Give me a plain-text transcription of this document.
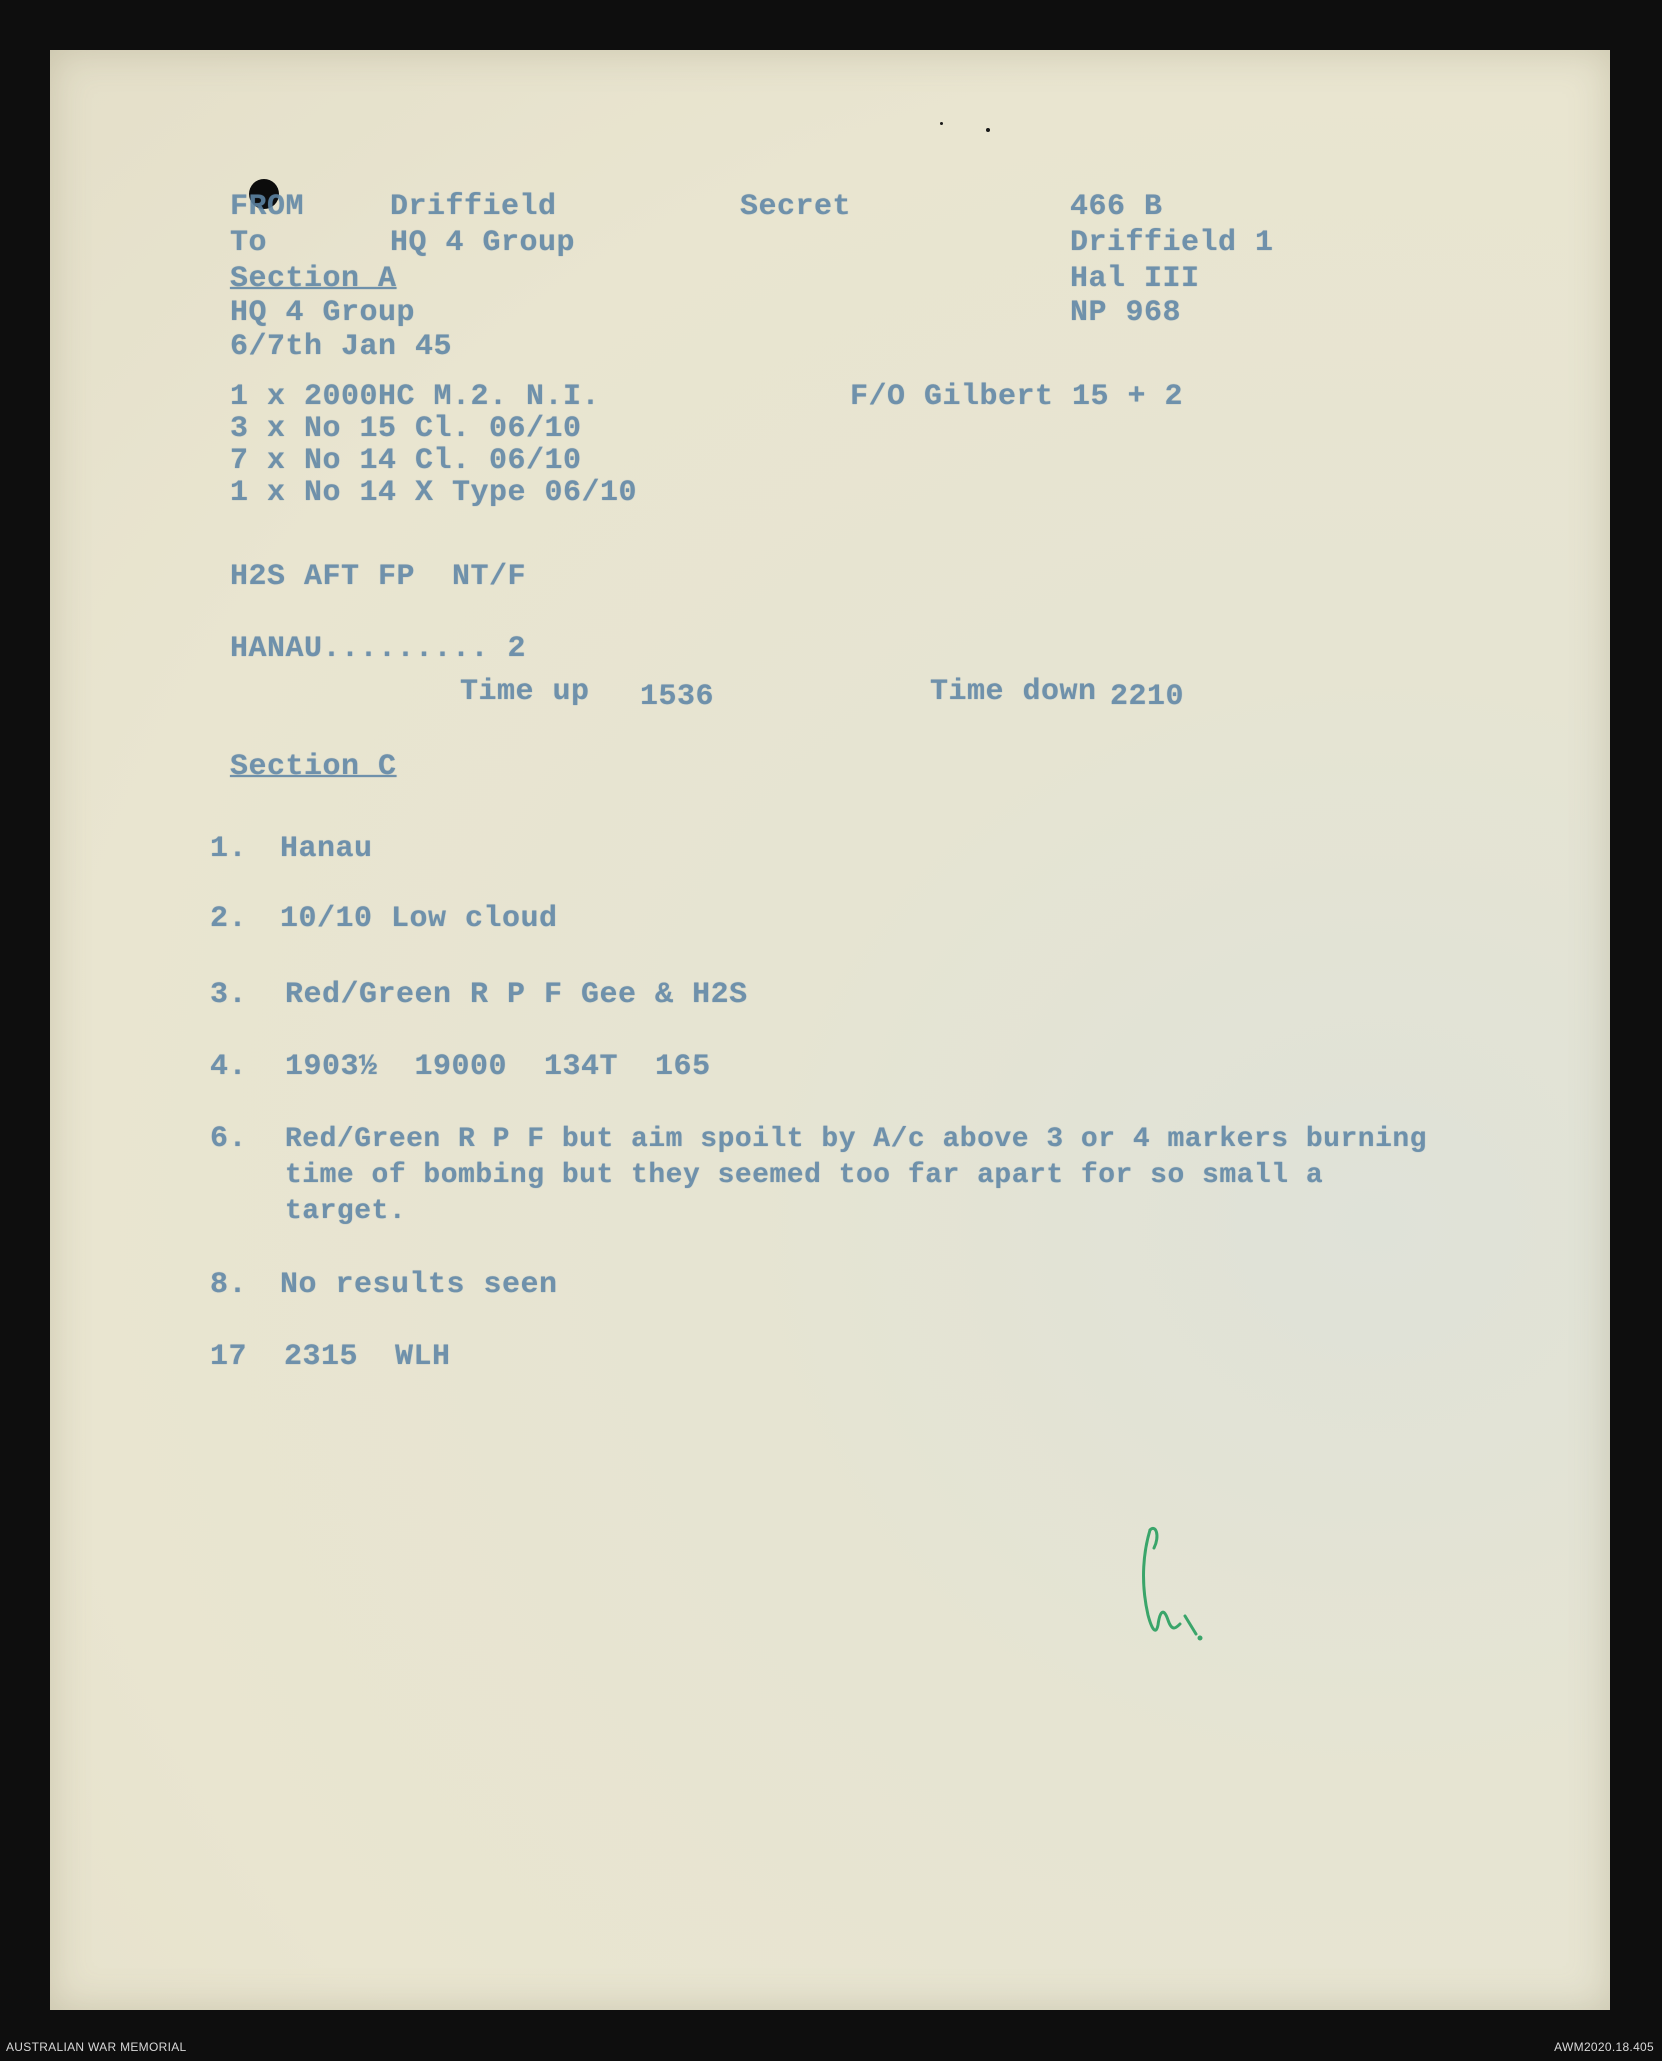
FROM	Driffield	Secret	466 B
To	HQ 4 Group	Driffield 1
Section A	Hal III
HQ 4 Group	NP 968
6/7th Jan 45
1 x 2000HC M.2. N.I.
3 x No 15 Cl. 06/10
7 x No 14 Cl. 06/10
1 x No 14 X Type 06/10
F/O Gilbert 15 + 2
H2S AFT FP  NT/F
HANAU......... 2
Time up 1536	Time down 2210
Section C
1. Hanau
2. 10/10 Low cloud
3. Red/Green R P F Gee & H2S
4. 1903½  19000  134T  165
6. Red/Green R P F but aim spoilt by A/c above 3 or 4 markers burning
time of bombing but they seemed too far apart for so small a
target.
8. No results seen
17  2315  WLH
AUSTRALIAN WAR MEMORIAL	AWM2020.18.405
